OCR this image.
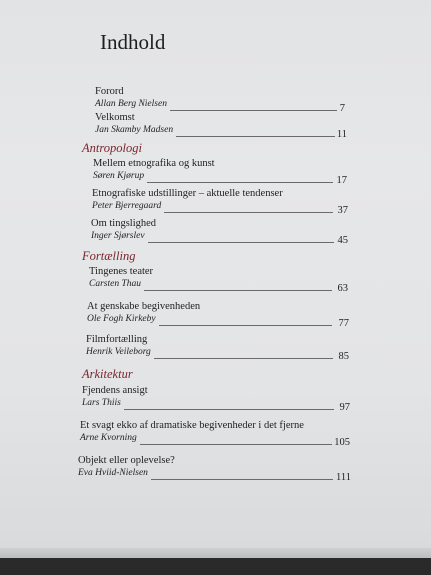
Indhold
Forord
Allan Berg Nielsen	7
Velkomst
Jan Skamby Madsen	11
Antropologi
Mellem etnografika og kunst
Søren Kjørup	17
Etnografiske udstillinger – aktuelle tendenser
Peter Bjerregaard	37
Om tingslighed
Inger Sjørslev	45
Fortælling
Tingenes teater
Carsten Thau	63
At genskabe begivenheden
Ole Fogh Kirkeby	77
Filmfortælling
Henrik Veileborg	85
Arkitektur
Fjendens ansigt
Lars Thiis	97
Et svagt ekko af dramatiske begivenheder i det fjerne
Arne Kvorning	105
Objekt eller oplevelse?
Eva Hviid-Nielsen	111
